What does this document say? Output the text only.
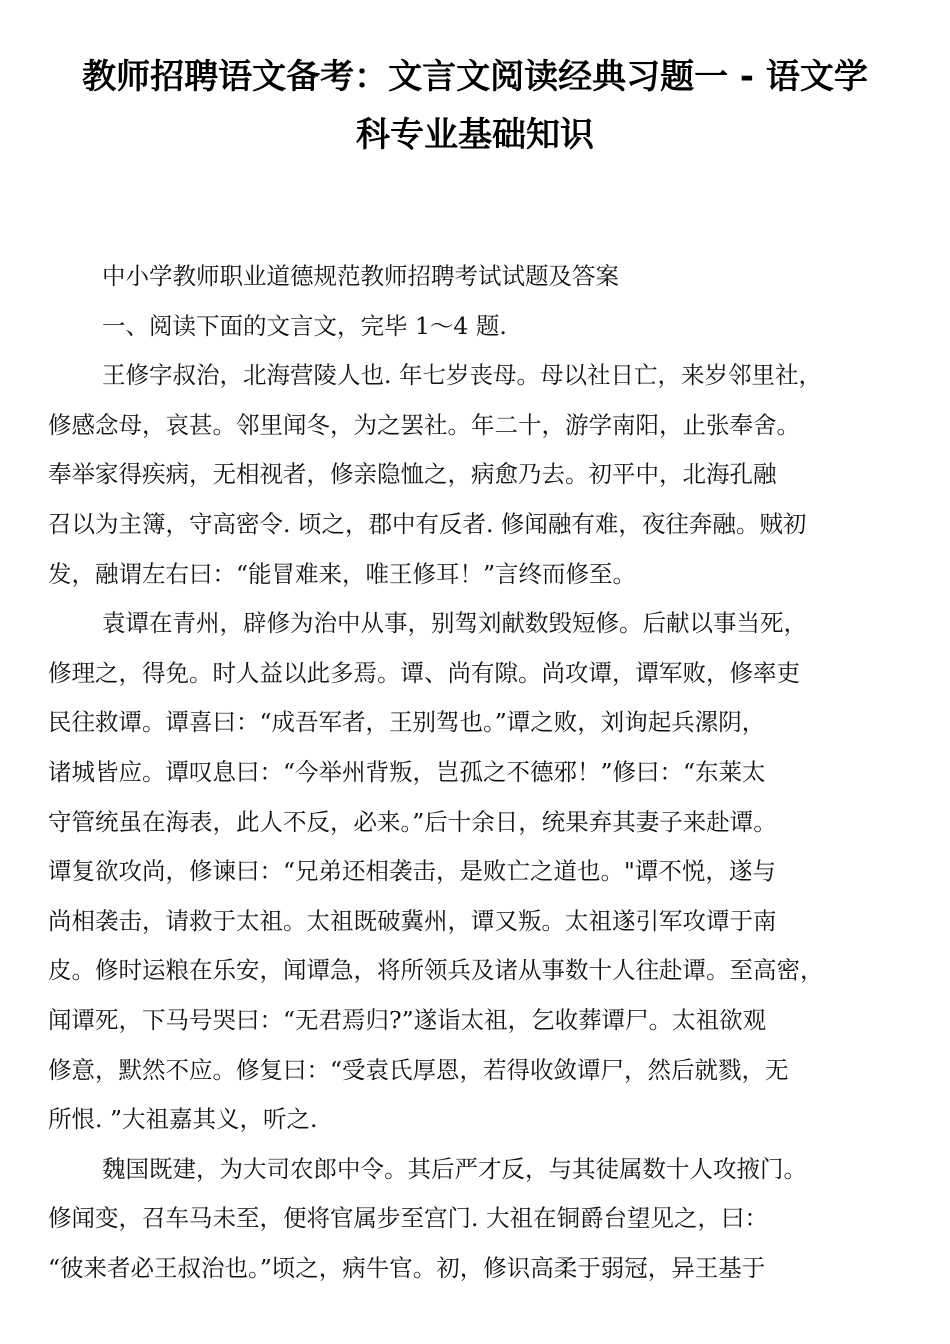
教师招聘语文备考：文言文阅读经典习题一 - 语文学
科专业基础知识
中小学教师职业道德规范教师招聘考试试题及答案
一、阅读下面的文言文，完毕 1～4 题.
王修字叔治，北海营陵人也. 年七岁丧母。母以社日亡，来岁邻里社，
修感念母，哀甚。邻里闻冬，为之罢社。年二十，游学南阳，止张奉舍。
奉举家得疾病，无相视者，修亲隐恤之，病愈乃去。初平中，北海孔融
召以为主簿，守高密令. 顷之，郡中有反者. 修闻融有难，夜往奔融。贼初
发，融谓左右曰：“能冒难来，唯王修耳！”言终而修至。
袁谭在青州，辟修为治中从事，别驾刘献数毁短修。后献以事当死，
修理之，得免。时人益以此多焉。谭、尚有隙。尚攻谭，谭军败，修率吏
民往救谭。谭喜曰：“成吾军者，王别驾也。”谭之败，刘询起兵漯阴，
诸城皆应。谭叹息曰：“今举州背叛，岂孤之不德邪！”修曰：“东莱太
守管统虽在海表，此人不反，必来。”后十余日，统果弃其妻子来赴谭。
谭复欲攻尚，修谏曰：“兄弟还相袭击，是败亡之道也。"谭不悦，遂与
尚相袭击，请救于太祖。太祖既破冀州，谭又叛。太祖遂引军攻谭于南
皮。修时运粮在乐安，闻谭急，将所领兵及诸从事数十人往赴谭。至高密，
闻谭死，下马号哭曰：“无君焉归?”遂诣太祖，乞收葬谭尸。太祖欲观
修意，默然不应。修复曰：“受袁氏厚恩，若得收敛谭尸，然后就戮，无
所恨. ”大祖嘉其义，听之.
魏国既建，为大司农郎中令。其后严才反，与其徒属数十人攻掖门。
修闻变，召车马未至，便将官属步至宫门. 大祖在铜爵台望见之，曰：
“彼来者必王叔治也。”顷之，病牛官。初，修识高柔于弱冠，异王基于
